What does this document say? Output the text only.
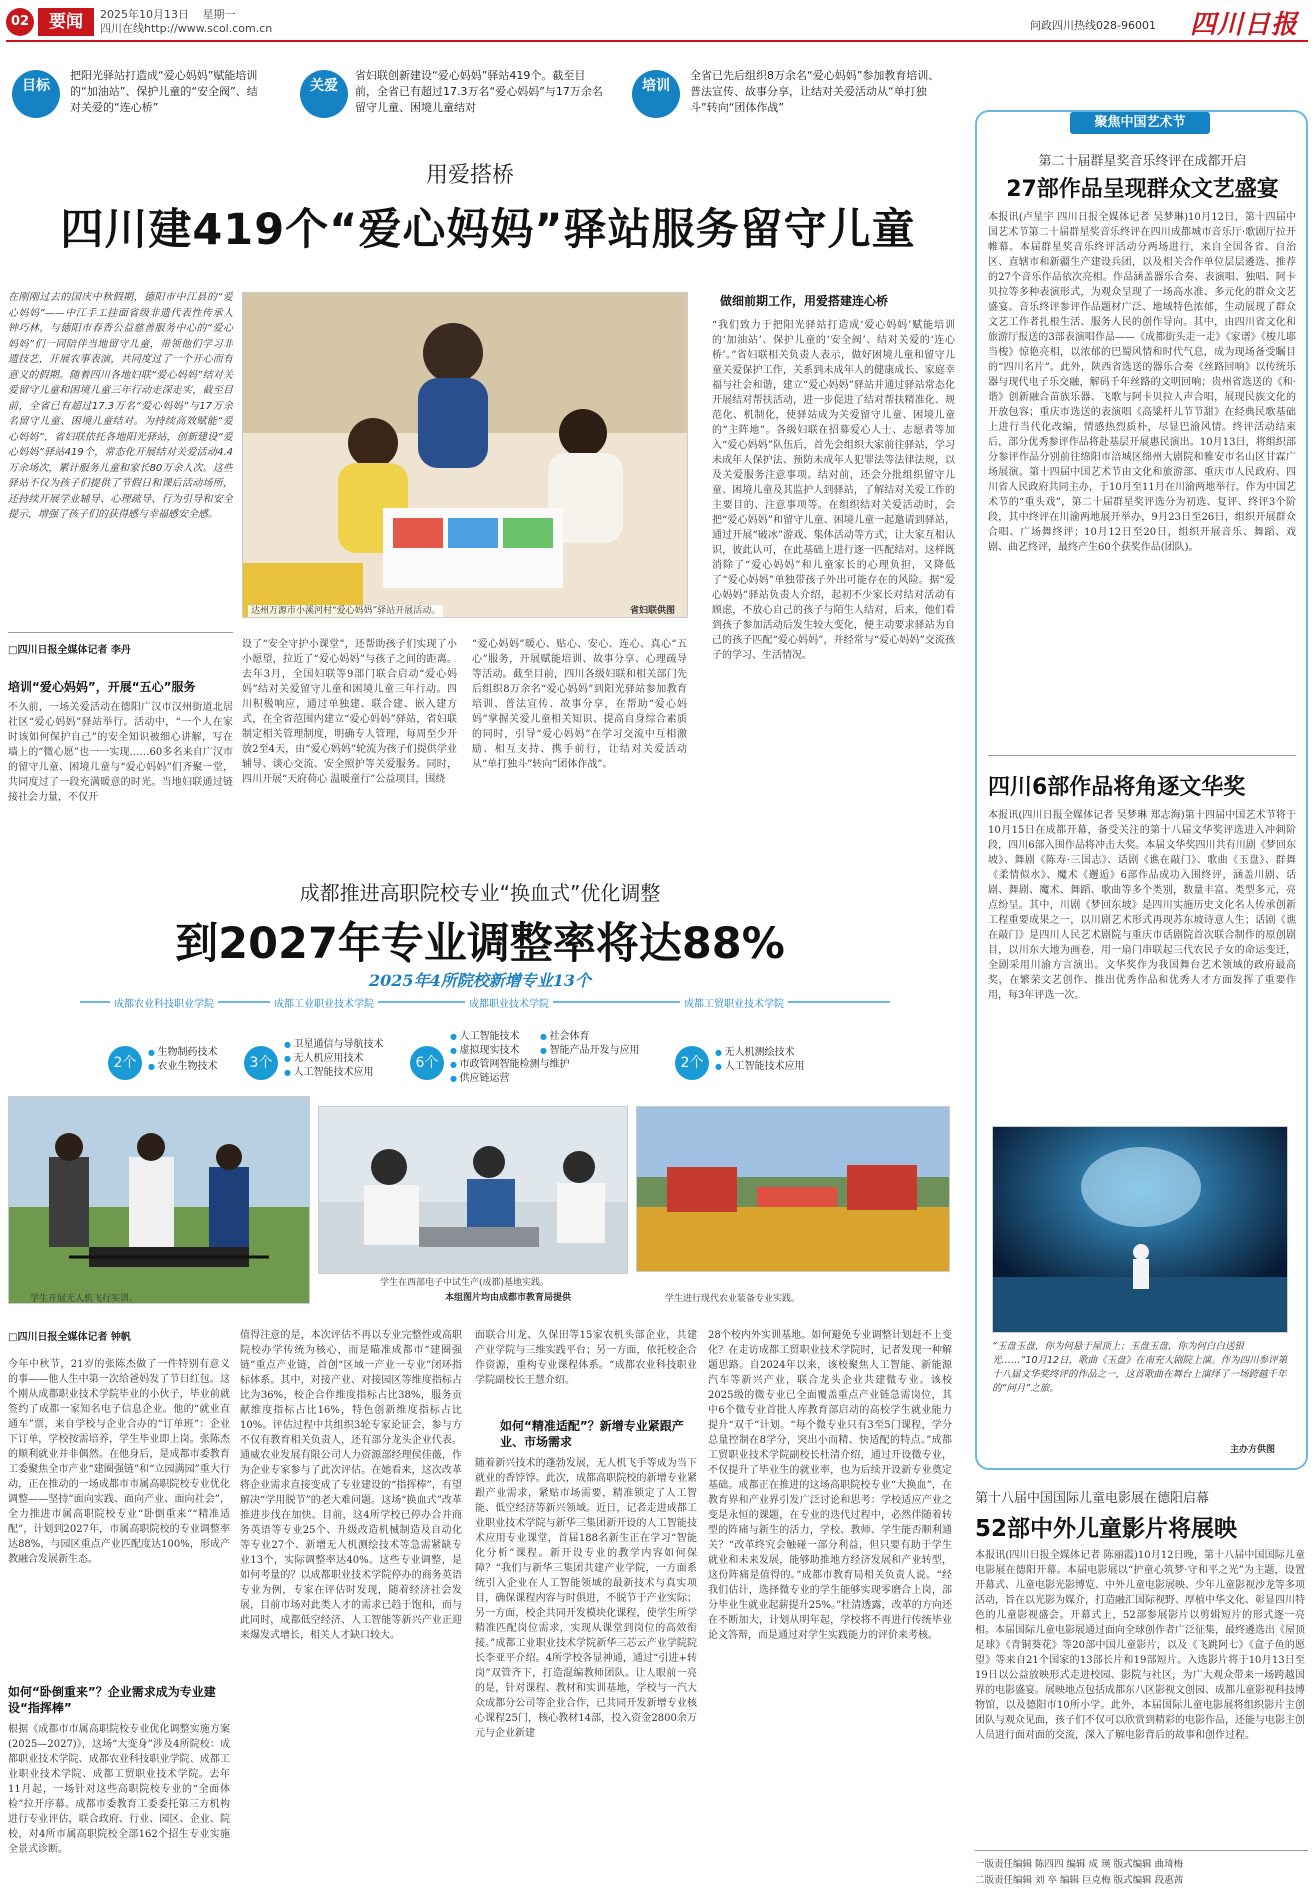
02	要闻	2025年10月13日 星期一
四川在线http://www.scol.com.cn	问政四川热线028-96001 四川日报
目标
把阳光驿站打造成“爱心妈妈”赋能培训的“加油站”、保护儿童的“安全阀”、结对关爱的“连心桥”
关爱
省妇联创新建设“爱心妈妈”驿站419个。截至目前，全省已有超过17.3万名“爱心妈妈”与17万余名留守儿童、困境儿童结对
培训
全省已先后组织8万余名“爱心妈妈”参加教育培训、普法宣传、故事分享，让结对关爱活动从“单打独斗”转向“团体作战”
用爱搭桥
四川建419个“爱心妈妈”驿站服务留守儿童
在刚刚过去的国庆中秋假期，德阳市中江县的“爱心妈妈”——中江手工挂面省级非遗代表性传承人钟巧林，与德阳市春香公益慈善服务中心的“爱心妈妈”们一同陪伴当地留守儿童，带领他们学习非遗技艺，开展农事表演，共同度过了一个开心而有意义的假期。随着四川各地妇联“爱心妈妈”结对关爱留守儿童和困境儿童三年行动走深走实，截至目前，全省已有超过17.3万名“爱心妈妈”与17万余名留守儿童、困境儿童结对。为持续高效赋能“爱心妈妈”，省妇联依托各地阳光驿站，创新建设“爱心妈妈”驿站419个，常态化开展结对关爱活动4.4万余场次，累计服务儿童和家长80万余人次。这些驿站不仅为孩子们提供了节假日和课后活动场所，还持续开展学业辅导、心理疏导、行为引导和安全提示，增强了孩子们的获得感与幸福感安全感。
□四川日报全媒体记者 李丹
培训“爱心妈妈”，开展“五心”服务
不久前，一场关爱活动在德阳广汉市汉州街道北居社区“爱心妈妈”驿站举行。活动中，“一个人在家时该如何保护自己”的安全知识被细心讲解，写在墙上的“微心愿”也一一实现……60多名来自广汉市的留守儿童、困境儿童与“爱心妈妈”们齐聚一堂，共同度过了一段充满暖意的时光。当地妇联通过链接社会力量，不仅开
达州万源市小溪河村“爱心妈妈”驿站开展活动。	省妇联供图
设了“安全守护小课堂”，还帮助孩子们实现了小小愿望，拉近了“爱心妈妈”与孩子之间的距离。去年3月，全国妇联等9部门联合启动“爱心妈妈”结对关爱留守儿童和困境儿童三年行动。四川积极响应，通过单独建、联合建、嵌入建方式，在全省范围内建立“爱心妈妈”驿站，省妇联制定相关管理制度，明确专人管理，每周至少开放2至4天，由“爱心妈妈”轮流为孩子们提供学业辅导、谈心交流、安全照护等关爱服务。同时，四川开展“天府荷心 温暖童行”公益项目，围绕
“爱心妈妈”暖心、贴心、安心、连心、真心“五心”服务，开展赋能培训、故事分享、心理疏导等活动。截至目前，四川各级妇联和相关部门先后组织8万余名“爱心妈妈”到阳光驿站参加教育培训、普法宣传、故事分享，在帮助“爱心妈妈”掌握关爱儿童相关知识、提高自身综合素质的同时，引导“爱心妈妈”在学习交流中互相激励、相互支持、携手前行，让结对关爱活动从“单打独斗”转向“团体作战”。
做细前期工作，用爱搭建连心桥
“我们致力于把阳光驿站打造成‘爱心妈妈’赋能培训的‘加油站’、保护儿童的‘安全阀’、结对关爱的‘连心桥’。”省妇联相关负责人表示，做好困境儿童和留守儿童关爱保护工作，关系到未成年人的健康成长、家庭幸福与社会和谐，建立“爱心妈妈”驿站并通过驿站常态化开展结对帮扶活动，进一步促进了结对帮扶精准化、规范化、机制化，使驿站成为关爱留守儿童、困境儿童的“主阵地”。各级妇联在招募爱心人士、志愿者等加入“爱心妈妈”队伍后，首先会组织大家前往驿站，学习未成年人保护法、预防未成年人犯罪法等法律法规，以及关爱服务注意事项。结对前，还会分批组织留守儿童、困境儿童及其监护人到驿站，了解结对关爱工作的主要目的、注意事项等。在组织结对关爱活动时，会把“爱心妈妈”和留守儿童、困境儿童一起邀请到驿站，通过开展“破冰”游戏、集体活动等方式，让大家互相认识，彼此认可，在此基础上进行逐一匹配结对。这样既消除了“爱心妈妈”和儿童家长的心理负担，又降低了“爱心妈妈”单独带孩子外出可能存在的风险。据“爱心妈妈”驿站负责人介绍，起初不少家长对结对活动有顾虑，不放心自己的孩子与陌生人结对，后来，他们看到孩子参加活动后发生较大变化，便主动要求驿站为自己的孩子匹配“爱心妈妈”，并经常与“爱心妈妈”交流孩子的学习、生活情况。
成都推进高职院校专业“换血式”优化调整
到2027年专业调整率将达88%
2025年4所院校新增专业13个
成都农业科技职业学院	成都工业职业技术学院	成都职业技术学院	成都工贸职业技术学院
2个
● 生物制药技术
● 农业生物技术	3个
● 卫星通信与导航技术
● 无人机应用技术
● 人工智能技术应用
6个
● 人工智能技术	● 社会体育 ● 虚拟现实技术	● 智能产品开发与应用
● 市政管网智能检测与维护
● 供应链运营
2个
● 无人机测绘技术
● 人工智能技术应用
学生开展无人机飞行实训。
学生在西部电子中试生产(成都)基地实践。
本组图片均由成都市教育局提供	学生进行现代农业装备专业实践。
□四川日报全媒体记者 钟帆
今年中秋节，21岁的张陈杰做了一件特别有意义的事——他人生中第一次给爸妈发了节日红包。这个刚从成都职业技术学院毕业的小伙子，毕业前就签约了成都一家知名电子信息企业。他的“就业直通车”票，来自学校与企业合办的“订单班”：企业下订单，学校按需培养，学生毕业即上岗。张陈杰的顺利就业并非偶然。在他身后，是成都市委教育工委聚焦全市产业“建圈强链”和“立园满园”重大行动，正在推动的一场成都市市属高职院校专业优化调整——坚持“面向实践、面向产业、面向社会”，全力推进市属高职院校专业“卧倒重来”“精准适配”，计划到2027年，市属高职院校的专业调整率达88%，与园区重点产业匹配度达100%，形成产教融合发展新生态。
如何“卧倒重来”？企业需求成为专业建设“指挥棒”
根据《成都市市属高职院校专业优化调整实施方案(2025—2027)》，这场“大变身”涉及4所院校：成都职业技术学院、成都农业科技职业学院、成都工业职业技术学院、成都工贸职业技术学院。去年11月起，一场针对这些高职院校专业的“全面体检”拉开序幕。成都市委教育工委委托第三方机构进行专业评估，联合政府、行业、园区、企业、院校，对4所市属高职院校全部162个招生专业实施全景式诊断。
值得注意的是，本次评估不再以专业完整性或高职院校办学传统为核心，而是瞄准成都市“建圈强链”重点产业链，首创“区域一产业一专业”闭环指标体系。其中，对接产业、对接园区等维度指标占比为36%，校企合作维度指标占比38%，服务贡献维度指标占比16%，特色创新维度指标占比10%。评估过程中共组织3轮专家论证会，参与方不仅有教育相关负责人，还有部分龙头企业代表。通威农业发展有限公司人力资源部经理侯佳薇，作为企业专家参与了此次评估。在她看来，这次改革将企业需求直接变成了专业建设的“指挥棒”，有望解决“学用脱节”的老大难问题。这场“换血式”改革推进步伐在加快。目前，这4所学校已停办合并商务英语等专业25个、升级改造机械制造及自动化等专业27个、新增无人机测绘技术等急需紧缺专业13个，实际调整率达40%。这些专业调整，是如何考量的？以成都职业技术学院停办的商务英语专业为例，专家在评估时发现，随着经济社会发展，目前市场对此类人才的需求已趋于饱和，而与此同时，成都低空经济、人工智能等新兴产业正迎来爆发式增长，相关人才缺口较大。
面联合川龙、久保田等15家农机头部企业，共建产业学院与三维实践平台；另一方面，依托校企合作资源，重构专业课程体系。“成都农业科技职业学院副校长王慧介绍。
如何“精准适配”？新增专业紧跟产业、市场需求
随着新兴技术的蓬勃发展，无人机飞手等成为当下就业的香饽饽。此次，成都高职院校的新增专业紧跟产业需求，紧贴市场需要，精准锁定了人工智能、低空经济等新兴领域。近日，记者走进成都工业职业技术学院与新华三集团新开设的人工智能技术应用专业课堂，首届188名新生正在学习“智能化分析”课程。新开设专业的教学内容如何保障？“我们与新华三集团共建产业学院，一方面系统引入企业在人工智能领域的最新技术与真实项目，确保课程内容与时俱进，不脱节于产业实际；另一方面，校企共同开发模块化课程，使学生所学精准匹配岗位需求，实现从课堂到岗位的高效衔接。”成都工业职业技术学院新华三芯云产业学院院长李亚平介绍。4所学校各显神通，通过“引进+转岗”双管齐下，打造混编教师团队。让人眼前一亮的是，针对课程、教材和实训基地，学校与一汽大众成都分公司等企业合作，已共同开发新增专业核心课程25门，核心教材14部，投入资金2800余万元与企业新建
28个校内外实训基地。如何避免专业调整计划赶不上变化？在走访成都工贸职业技术学院时，记者发现一种解题思路。自2024年以来，该校聚焦人工智能、新能源汽车等新兴产业，联合龙头企业共建微专业。该校2025级的微专业已全面覆盖重点产业链急需岗位，其中6个微专业首批人库教育部启动的高校学生就业能力提升“双千”计划。“每个微专业只有3至5门课程，学分总量控制在8学分，突出小而精、快适配的特点。”成都工贸职业技术学院副校长杜清介绍，通过开设微专业，不仅提升了毕业生的就业率，也为后续开设新专业奠定基础。成都正在推进的这场高职院校专业“大换血”，在教育界和产业界引发广泛讨论和思考：学校适应产业之变是永恒的课题，在专业的迭代过程中，必然伴随着转型的阵痛与新生的活力，学校、教师、学生能否顺利通关？“改革终究会触碰一部分利益，但只要有助于学生就业和未来发展，能够助推地方经济发展和产业转型，这份阵痛是值得的。”成都市教育局相关负责人说。“经我们估计，选择微专业的学生能够实现零磨合上岗，部分毕业生就业起薪提升25%。”杜清透露，改革的方向还在不断加大，计划从明年起，学校将不再进行传统毕业论文答辩，而是通过对学生实践能力的评价来考核。
聚焦中国艺术节
第二十届群星奖音乐终评在成都开启
27部作品呈现群众文艺盛宴
本报讯(卢星宇 四川日报全媒体记者 吴梦琳)10月12日，第十四届中国艺术节第二十届群星奖音乐终评在四川成都城市音乐厅·歌剧厅拉开帷幕。本届群星奖音乐终评活动分两场进行，来自全国各省、自治区、直辖市和新疆生产建设兵团，以及相关合作单位层层遴选、推荐的27个音乐作品依次亮相。作品涵盖器乐合奏、表演唱、独唱、阿卡贝拉等多种表演形式，为观众呈现了一场高水准、多元化的群众文艺盛宴。音乐终评参评作品题材广泛、地域特色浓郁，生动展现了群众文艺工作者扎根生活、服务人民的创作导向。其中，由四川省文化和旅游厅报送的3部表演唱作品——《成都街头走一走》《家谱》《梭儿耶当梭》惊艳亮相，以浓郁的巴蜀风情和时代气息，成为现场备受瞩目的“四川名片”。此外，陕西省选送的器乐合奏《丝路回响》以传统乐器与现代电子乐交融，解码千年丝路的文明回响；贵州省选送的《和·谐》创新融合苗族乐器、飞歌与阿卡贝拉人声合唱，展现民族文化的开放包容；重庆市选送的表演唱《高粱杆儿节节甜》在经典民歌基础上进行当代化改编，情感热烈质朴，尽显巴渝风情。终评活动结束后，部分优秀参评作品将赴基层开展惠民演出。10月13日，将组织部分参评作品分别前往绵阳市涪城区绵州大剧院和雅安市名山区甘霖广场展演。第十四届中国艺术节由文化和旅游部、重庆市人民政府、四川省人民政府共同主办，于10月至11月在川渝两地举行。作为中国艺术节的“重头戏”，第二十届群星奖评选分为初选、复评、终评3个阶段，其中终评在川渝两地展开举办，9月23日至26日，组织开展群众合唱、广场舞终评；10月12日至20日，组织开展音乐、舞蹈、戏剧、曲艺终评，最终产生60个获奖作品(团队)。
四川6部作品将角逐文华奖
本报讯(四川日报全媒体记者 吴梦琳 郑志海)第十四届中国艺术节将于10月15日在成都开幕，备受关注的第十八届文华奖评选进入冲刺阶段，四川6部入围作品将冲击大奖。本届文华奖四川共有川剧《梦回东坡》、舞剧《陈寿·三国志》、话剧《谯在敲门》、歌曲《玉盘》、群舞《柔情似水》、魔术《邂逅》6部作品成功入围终评，涵盖川剧、话剧、舞剧、魔术、舞蹈、歌曲等多个类别，数量丰富、类型多元，亮点纷呈。其中，川剧《梦回东坡》是四川实施历史文化名人传承创新工程重要成果之一，以川剧艺术形式再现苏东坡诗意人生；话剧《谯在敲门》是四川人民艺术剧院与重庆市话剧院首次联合制作的原创剧目，以川东大地为画卷，用一扇门串联起三代农民子女的命运变迁，全剧采用川渝方言演出。文华奖作为我国舞台艺术领域的政府最高奖，在繁荣文艺创作、推出优秀作品和优秀人才方面发挥了重要作用，每3年评选一次。
“玉盘玉盘，你为何悬于屋顶上；玉盘玉盘，你为何白白送银光……”10月12日，歌曲《玉盘》在南充大剧院上演。作为四川参评第十八届文华奖终评的作品之一，这首歌曲在舞台上演绎了一场跨越千年的“问月”之旅。
主办方供图
第十八届中国国际儿童电影展在德阳启幕
52部中外儿童影片将展映
本报讯(四川日报全媒体记者 陈丽霞)10月12日晚，第十八届中国国际儿童电影展在德阳开幕。本届电影展以“护童心筑梦·守和平之光”为主题，设置开幕式、儿童电影光影博览、中外儿童电影展映、少年儿童影视沙龙等多项活动，旨在以光影为媒介，打造融汇国际视野、厚植中华文化、彰显四川特色的儿童影视盛会。开幕式上，52部参展影片以剪辑短片的形式逐一亮相。本届国际儿童电影展通过面向全球创作者广泛征集，最终遴选出《屋顶足球》《青铜葵花》等20部中国儿童影片，以及《飞跳阿七》《盒子鱼的愿望》等来自21个国家的13部长片和19部短片。入选影片将于10月13日至19日以公益放映形式走进校园、影院与社区，为广大观众带来一场跨越国界的电影盛宴。展映地点包括成都东八区影视文创园、成都儿童影视科技博物馆，以及德阳市10所小学。此外，本届国际儿童电影展将组织影片主创团队与观众见面，孩子们不仅可以欣赏到精彩的电影作品，还能与电影主创人员进行面对面的交流，深入了解电影背后的故事和创作过程。
一版责任编辑 陈四四 编辑 成 瑛 版式编辑 曲琦梅
二版责任编辑 刘 卒 编辑 巨克梅 版式编辑 段惠茜
